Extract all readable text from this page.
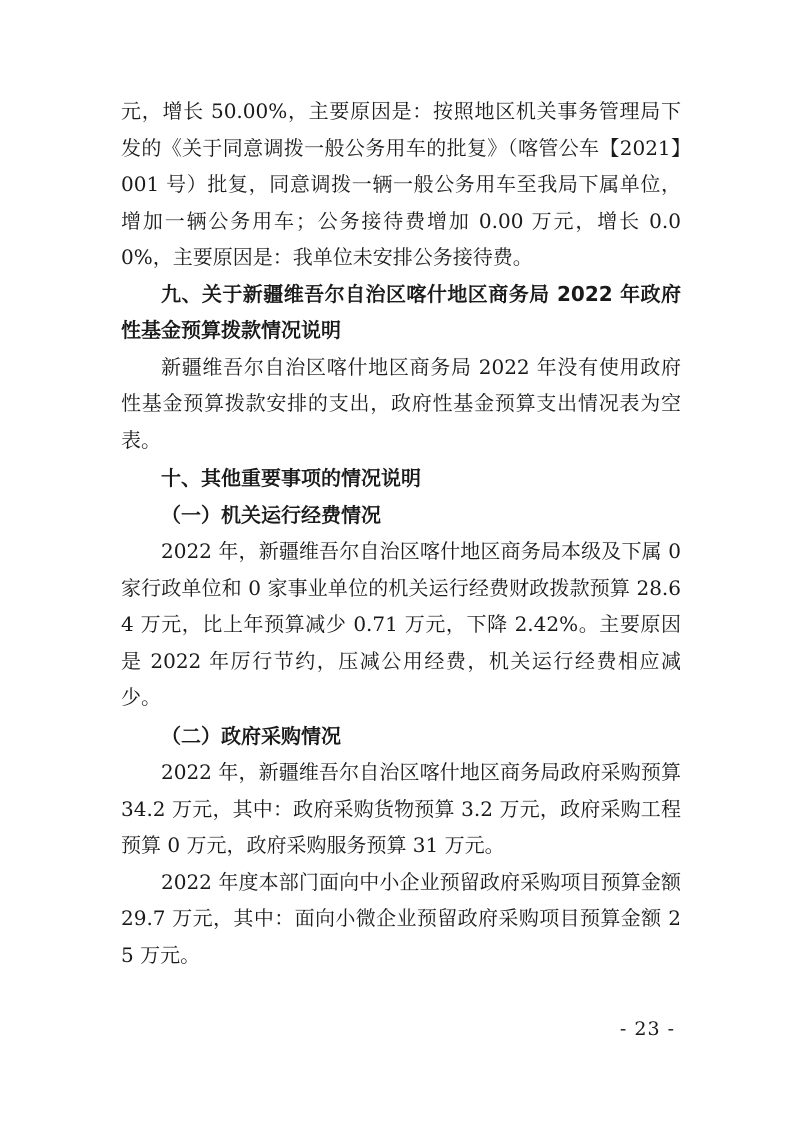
元，增长 50.00%，主要原因是：按照地区机关事务管理局下发的《关于同意调拨一般公务用车的批复》（喀管公车【2021】001 号）批复，同意调拨一辆一般公务用车至我局下属单位，增加一辆公务用车；公务接待费增加 0.00 万元，增长 0.00%，主要原因是：我单位未安排公务接待费。

九、关于新疆维吾尔自治区喀什地区商务局 2022 年政府性基金预算拨款情况说明

新疆维吾尔自治区喀什地区商务局 2022 年没有使用政府性基金预算拨款安排的支出，政府性基金预算支出情况表为空表。

十、其他重要事项的情况说明

（一）机关运行经费情况

2022 年，新疆维吾尔自治区喀什地区商务局本级及下属 0 家行政单位和 0 家事业单位的机关运行经费财政拨款预算 28.64 万元，比上年预算减少 0.71 万元，下降 2.42%。主要原因是 2022 年厉行节约，压减公用经费，机关运行经费相应减少。

（二）政府采购情况

2022 年，新疆维吾尔自治区喀什地区商务局政府采购预算 34.2 万元，其中：政府采购货物预算 3.2 万元，政府采购工程预算 0 万元，政府采购服务预算 31 万元。

2022 年度本部门面向中小企业预留政府采购项目预算金额 29.7 万元，其中：面向小微企业预留政府采购项目预算金额 25 万元。

- 23 -
